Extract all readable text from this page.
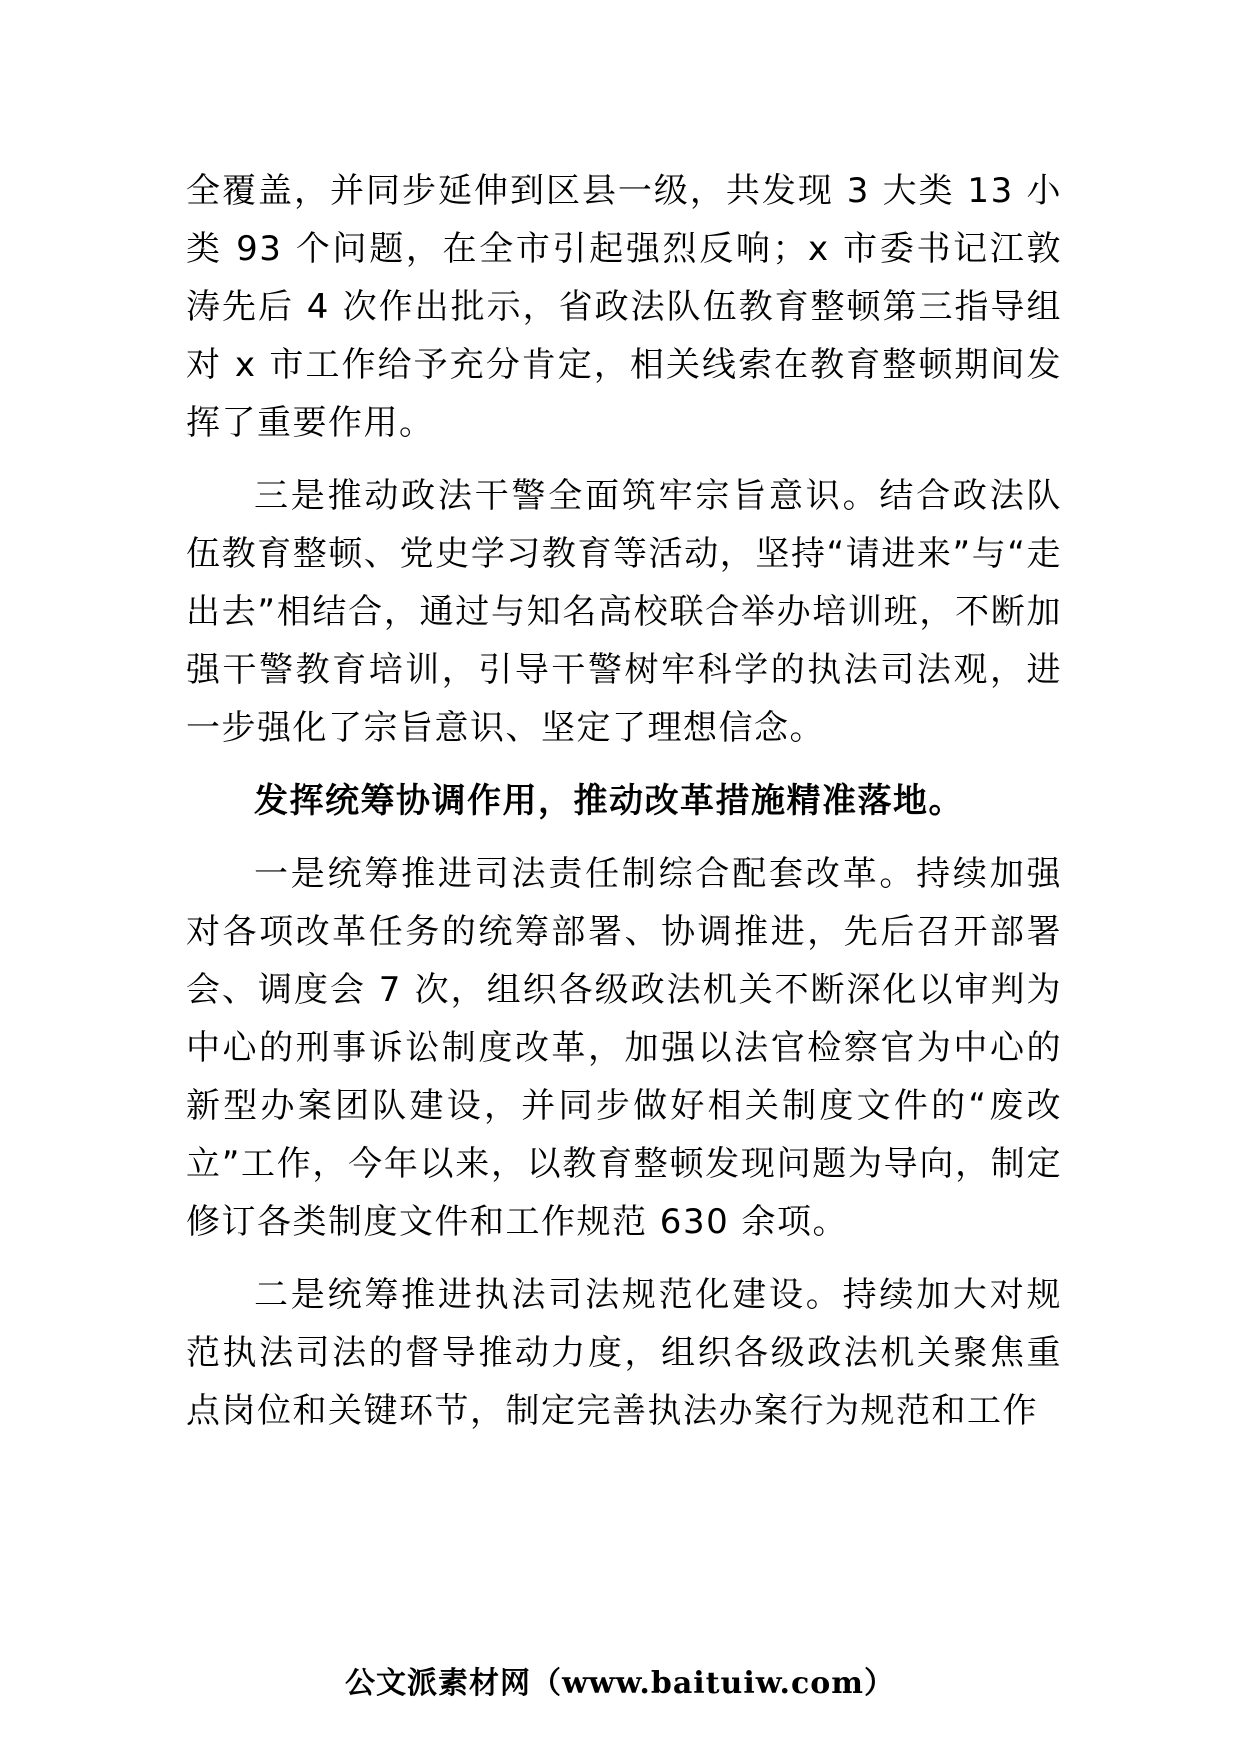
全覆盖，并同步延伸到区县一级，共发现 3 大类 13 小类 93 个问题，在全市引起强烈反响；x 市委书记江敦涛先后 4 次作出批示，省政法队伍教育整顿第三指导组对 x 市工作给予充分肯定，相关线索在教育整顿期间发挥了重要作用。

三是推动政法干警全面筑牢宗旨意识。结合政法队伍教育整顿、党史学习教育等活动，坚持“请进来”与“走出去”相结合，通过与知名高校联合举办培训班，不断加强干警教育培训，引导干警树牢科学的执法司法观，进一步强化了宗旨意识、坚定了理想信念。

发挥统筹协调作用，推动改革措施精准落地。

一是统筹推进司法责任制综合配套改革。持续加强对各项改革任务的统筹部署、协调推进，先后召开部署会、调度会 7 次，组织各级政法机关不断深化以审判为中心的刑事诉讼制度改革，加强以法官检察官为中心的新型办案团队建设，并同步做好相关制度文件的“废改立”工作，今年以来，以教育整顿发现问题为导向，制定修订各类制度文件和工作规范 630 余项。

二是统筹推进执法司法规范化建设。持续加大对规范执法司法的督导推动力度，组织各级政法机关聚焦重点岗位和关键环节，制定完善执法办案行为规范和工作

公文派素材网（www.baituiw.com）
